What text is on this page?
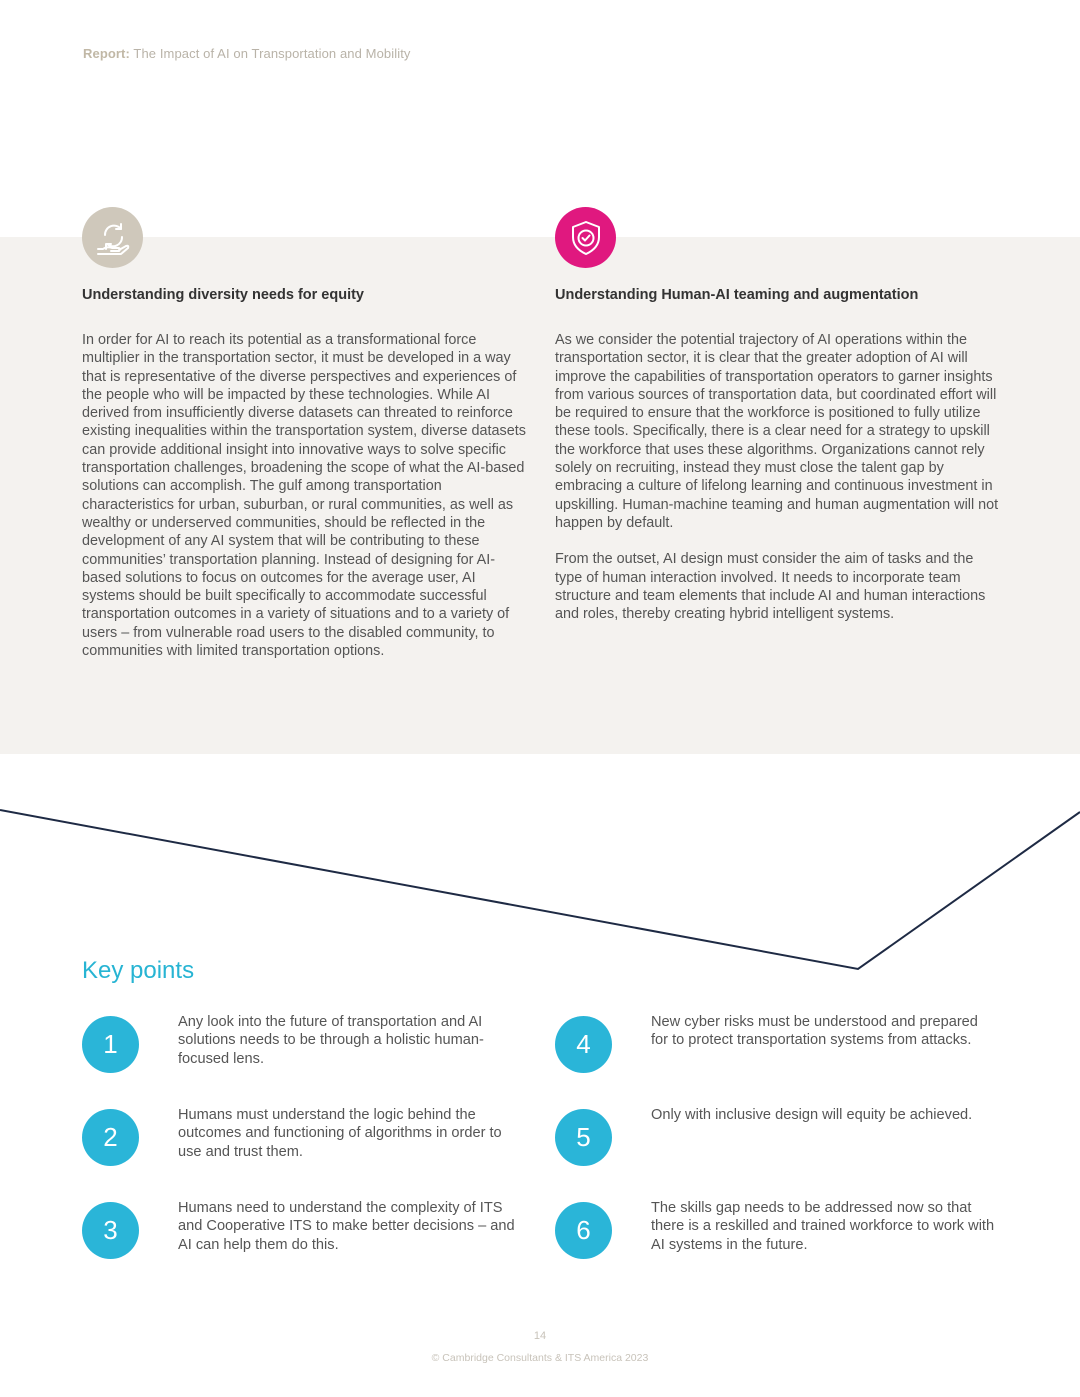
Report: The Impact of AI on Transportation and Mobility
Understanding diversity needs for equity

In order for AI to reach its potential as a transformational force multiplier in the transportation sector, it must be developed in a way that is representative of the diverse perspectives and experiences of the people who will be impacted by these technologies. While AI derived from insufficiently diverse datasets can threated to reinforce existing inequalities within the transportation system, diverse datasets can provide additional insight into innovative ways to solve specific transportation challenges, broadening the scope of what the AI-based solutions can accomplish. The gulf among transportation characteristics for urban, suburban, or rural communities, as well as wealthy or underserved communities, should be reflected in the development of any AI system that will be contributing to these communities’ transportation planning. Instead of designing for AI-based solutions to focus on outcomes for the average user, AI systems should be built specifically to accommodate successful transportation outcomes in a variety of situations and to a variety of users – from vulnerable road users to the disabled community, to communities with limited transportation options.

Understanding Human-AI teaming and augmentation

As we consider the potential trajectory of AI operations within the transportation sector, it is clear that the greater adoption of AI will improve the capabilities of transportation operators to garner insights from various sources of transportation data, but coordinated effort will be required to ensure that the workforce is positioned to fully utilize these tools. Specifically, there is a clear need for a strategy to upskill the workforce that uses these algorithms. Organizations cannot rely solely on recruiting, instead they must close the talent gap by embracing a culture of lifelong learning and continuous investment in upskilling. Human-machine teaming and human augmentation will not happen by default.

From the outset, AI design must consider the aim of tasks and the type of human interaction involved. It needs to incorporate team structure and team elements that include AI and human interactions and roles, thereby creating hybrid intelligent systems.

Key points
1
Any look into the future of transportation and AI solutions needs to be through a holistic human-focused lens.
2
Humans must understand the logic behind the outcomes and functioning of algorithms in order to use and trust them.
3
Humans need to understand the complexity of ITS and Cooperative ITS to make better decisions – and AI can help them do this.
4
New cyber risks must be understood and prepared for to protect transportation systems from attacks.
5
Only with inclusive design will equity be achieved.
6
The skills gap needs to be addressed now so that there is a reskilled and trained workforce to work with AI systems in the future.
14
© Cambridge Consultants & ITS America 2023
